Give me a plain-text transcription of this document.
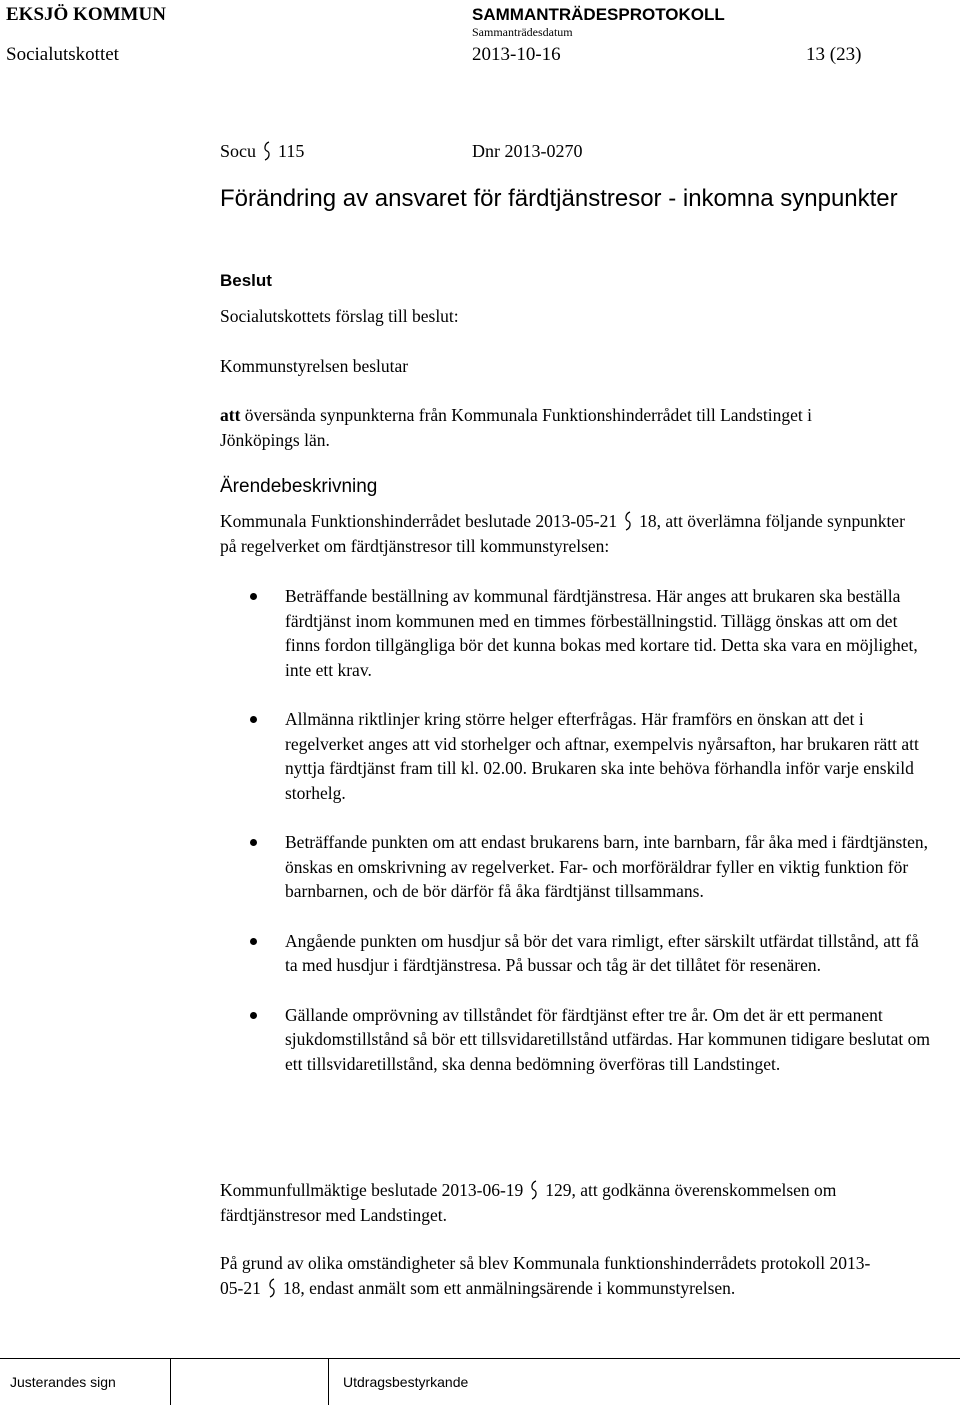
EKSJÖ KOMMUN	SAMMANTRÄDESPROTOKOLL
Sammanträdesdatum
Socialutskottet	2013-10-16	13 (23)
Socu 115	Dnr 2013-0270
Förändring av ansvaret för färdtjänstresor - inkomna synpunkter
Beslut
Socialutskottets förslag till beslut:
Kommunstyrelsen beslutar
att översända synpunkterna från Kommunala Funktionshinderrådet till Landstinget i Jönköpings län.
Ärendebeskrivning
Kommunala Funktionshinderrådet beslutade 2013-05-21 18, att överlämna följande synpunkter på regelverket om färdtjänstresor till kommunstyrelsen:
Beträffande beställning av kommunal färdtjänstresa. Här anges att brukaren ska beställa färdtjänst inom kommunen med en timmes förbeställningstid. Tillägg önskas att om det finns fordon tillgängliga bör det kunna bokas med kortare tid. Detta ska vara en möjlighet, inte ett krav.
Allmänna riktlinjer kring större helger efterfrågas. Här framförs en önskan att det i regelverket anges att vid storhelger och aftnar, exempelvis nyårsafton, har brukaren rätt att nyttja färdtjänst fram till kl. 02.00. Brukaren ska inte behöva förhandla inför varje enskild storhelg.
Beträffande punkten om att endast brukarens barn, inte barnbarn, får åka med i färdtjänsten, önskas en omskrivning av regelverket. Far- och morföräldrar fyller en viktig funktion för barnbarnen, och de bör därför få åka färdtjänst tillsammans.
Angående punkten om husdjur så bör det vara rimligt, efter särskilt utfärdat tillstånd, att få ta med husdjur i färdtjänstresa. På bussar och tåg är det tillåtet för resenären.
Gällande omprövning av tillståndet för färdtjänst efter tre år. Om det är ett permanent sjukdomstillstånd så bör ett tillsvidaretillstånd utfärdas. Har kommunen tidigare beslutat om ett tillsvidaretillstånd, ska denna bedömning överföras till Landstinget.
Kommunfullmäktige beslutade 2013-06-19 129, att godkänna överenskommelsen om färdtjänstresor med Landstinget.
På grund av olika omständigheter så blev Kommunala funktionshinderrådets protokoll 2013-05-21 18, endast anmält som ett anmälningsärende i kommunstyrelsen.
Justerandes sign	Utdragsbestyrkande
